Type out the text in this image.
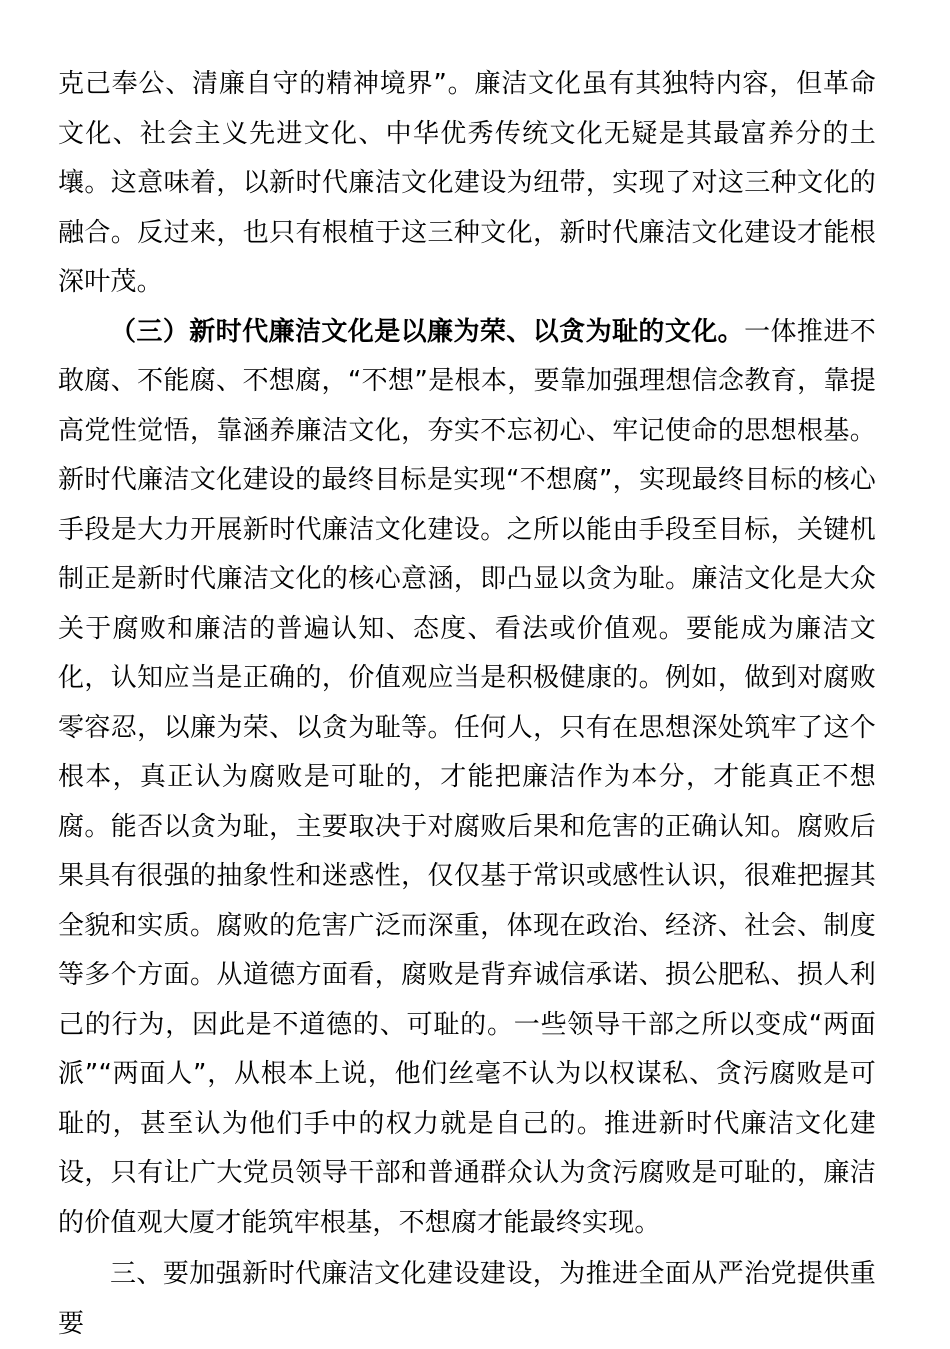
克己奉公、清廉自守的精神境界”。廉洁文化虽有其独特内容，但革命文化、社会主义先进文化、中华优秀传统文化无疑是其最富养分的土壤。这意味着，以新时代廉洁文化建设为纽带，实现了对这三种文化的融合。反过来，也只有根植于这三种文化，新时代廉洁文化建设才能根深叶茂。

（三）新时代廉洁文化是以廉为荣、以贪为耻的文化。一体推进不敢腐、不能腐、不想腐，“不想”是根本，要靠加强理想信念教育，靠提高党性觉悟，靠涵养廉洁文化，夯实不忘初心、牢记使命的思想根基。新时代廉洁文化建设的最终目标是实现“不想腐”，实现最终目标的核心手段是大力开展新时代廉洁文化建设。之所以能由手段至目标，关键机制正是新时代廉洁文化的核心意涵，即凸显以贪为耻。廉洁文化是大众关于腐败和廉洁的普遍认知、态度、看法或价值观。要能成为廉洁文化，认知应当是正确的，价值观应当是积极健康的。例如，做到对腐败零容忍，以廉为荣、以贪为耻等。任何人，只有在思想深处筑牢了这个根本，真正认为腐败是可耻的，才能把廉洁作为本分，才能真正不想腐。能否以贪为耻，主要取决于对腐败后果和危害的正确认知。腐败后果具有很强的抽象性和迷惑性，仅仅基于常识或感性认识，很难把握其全貌和实质。腐败的危害广泛而深重，体现在政治、经济、社会、制度等多个方面。从道德方面看，腐败是背弃诚信承诺、损公肥私、损人利己的行为，因此是不道德的、可耻的。一些领导干部之所以变成“两面派”“两面人”，从根本上说，他们丝毫不认为以权谋私、贪污腐败是可耻的，甚至认为他们手中的权力就是自己的。推进新时代廉洁文化建设，只有让广大党员领导干部和普通群众认为贪污腐败是可耻的，廉洁的价值观大厦才能筑牢根基，不想腐才能最终实现。

三、要加强新时代廉洁文化建设建设，为推进全面从严治党提供重要
